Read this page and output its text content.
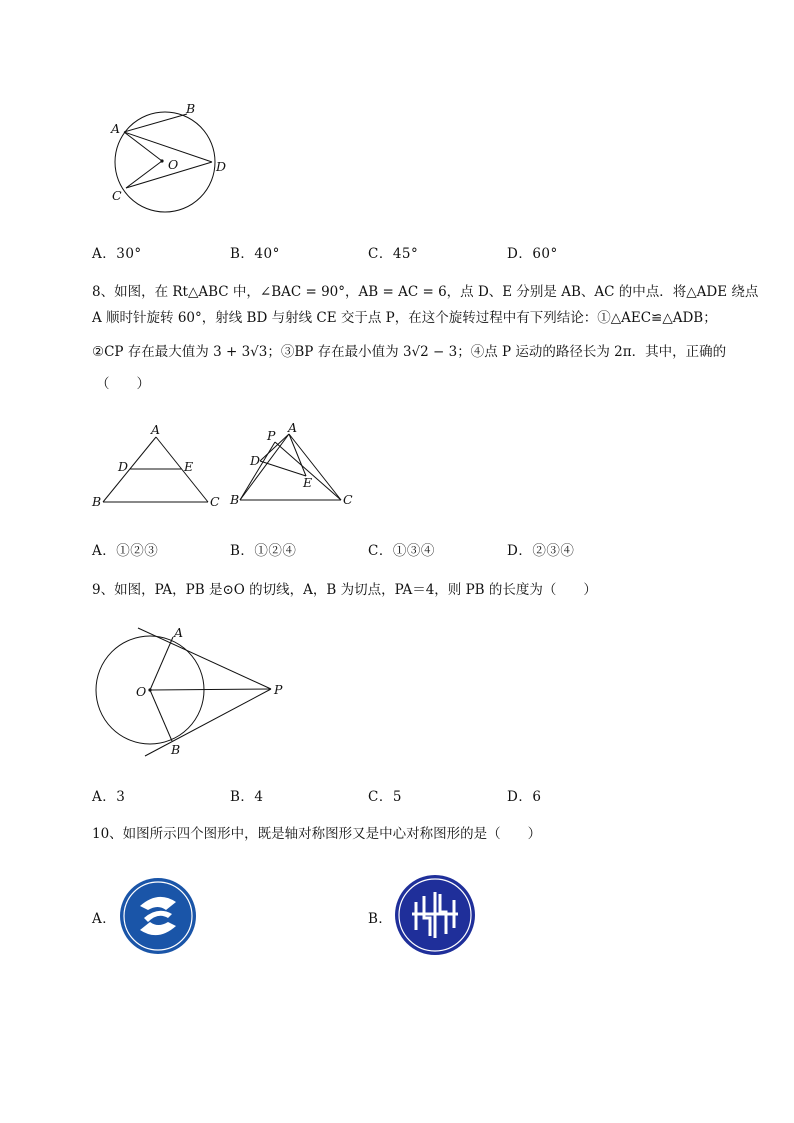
A
B
C
D
O
A．30°	B．40°	C．45°	D．60°
8、如图，在 Rt△ABC 中，∠BAC = 90°，AB = AC = 6，点 D、E 分别是 AB、AC 的中点．将△ADE 绕点
A 顺时针旋转 60°，射线 BD 与射线 CE 交于点 P，在这个旋转过程中有下列结论：①△AEC≌△ADB；
②CP 存在最大值为 3 + 3√3；③BP 存在最小值为 3√2 − 3；④点 P 运动的路径长为 2π．其中，正确的
（　　）
A
B	C
D	E
A
P
D
E
B	C
A．①②③	B．①②④	C．①③④	D．②③④
9、如图，PA，PB 是⊙O 的切线，A，B 为切点，PA＝4，则 PB 的长度为（　　）
A
B
O	P
A．3	B．4	C．5	D．6
10、如图所示四个图形中，既是轴对称图形又是中心对称图形的是（　　）
A．	B．
